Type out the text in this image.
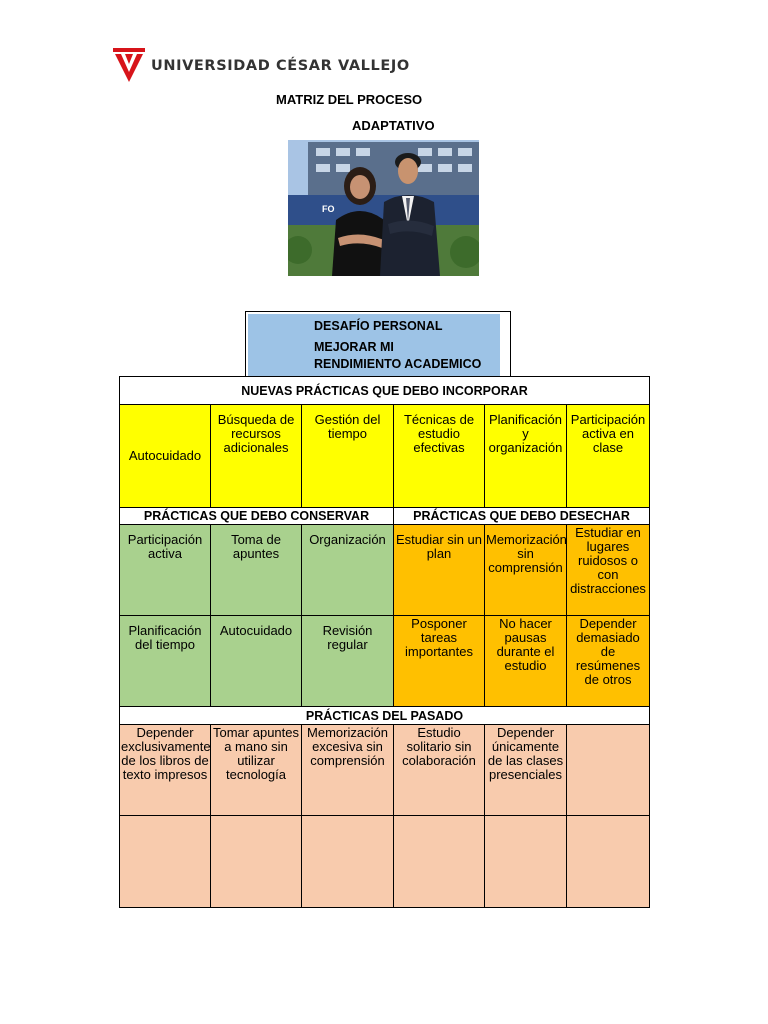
UNIVERSIDAD CÉSAR VALLEJO
MATRIZ DEL PROCESO
ADAPTATIVO
FO
DESAFÍO PERSONAL
MEJORAR MI RENDIMIENTO ACADEMICO
NUEVAS PRÁCTICAS QUE DEBO INCORPORAR
Autocuidado
Búsqueda de recursos adicionales
Gestión del tiempo
Técnicas de estudio efectivas
Planificación y organización
Participación activa en clase
PRÁCTICAS QUE DEBO CONSERVAR	PRÁCTICAS QUE DEBO DESECHAR
Participación activa
Toma de apuntes
Organización Estudiar sin un plan
Memorización sin comprensión
Estudiar en lugares ruidosos o con distracciones
Planificación del tiempo
Autocuidado	Revisión regular
Posponer tareas importantes
No hacer pausas durante el estudio
Depender demasiado de resúmenes de otros
PRÁCTICAS DEL PASADO
Depender exclusivamente de los libros de texto impresos
Tomar apuntes a mano sin utilizar tecnología
Memorización excesiva sin comprensión
Estudio solitario sin colaboración
Depender únicamente de las clases presenciales
